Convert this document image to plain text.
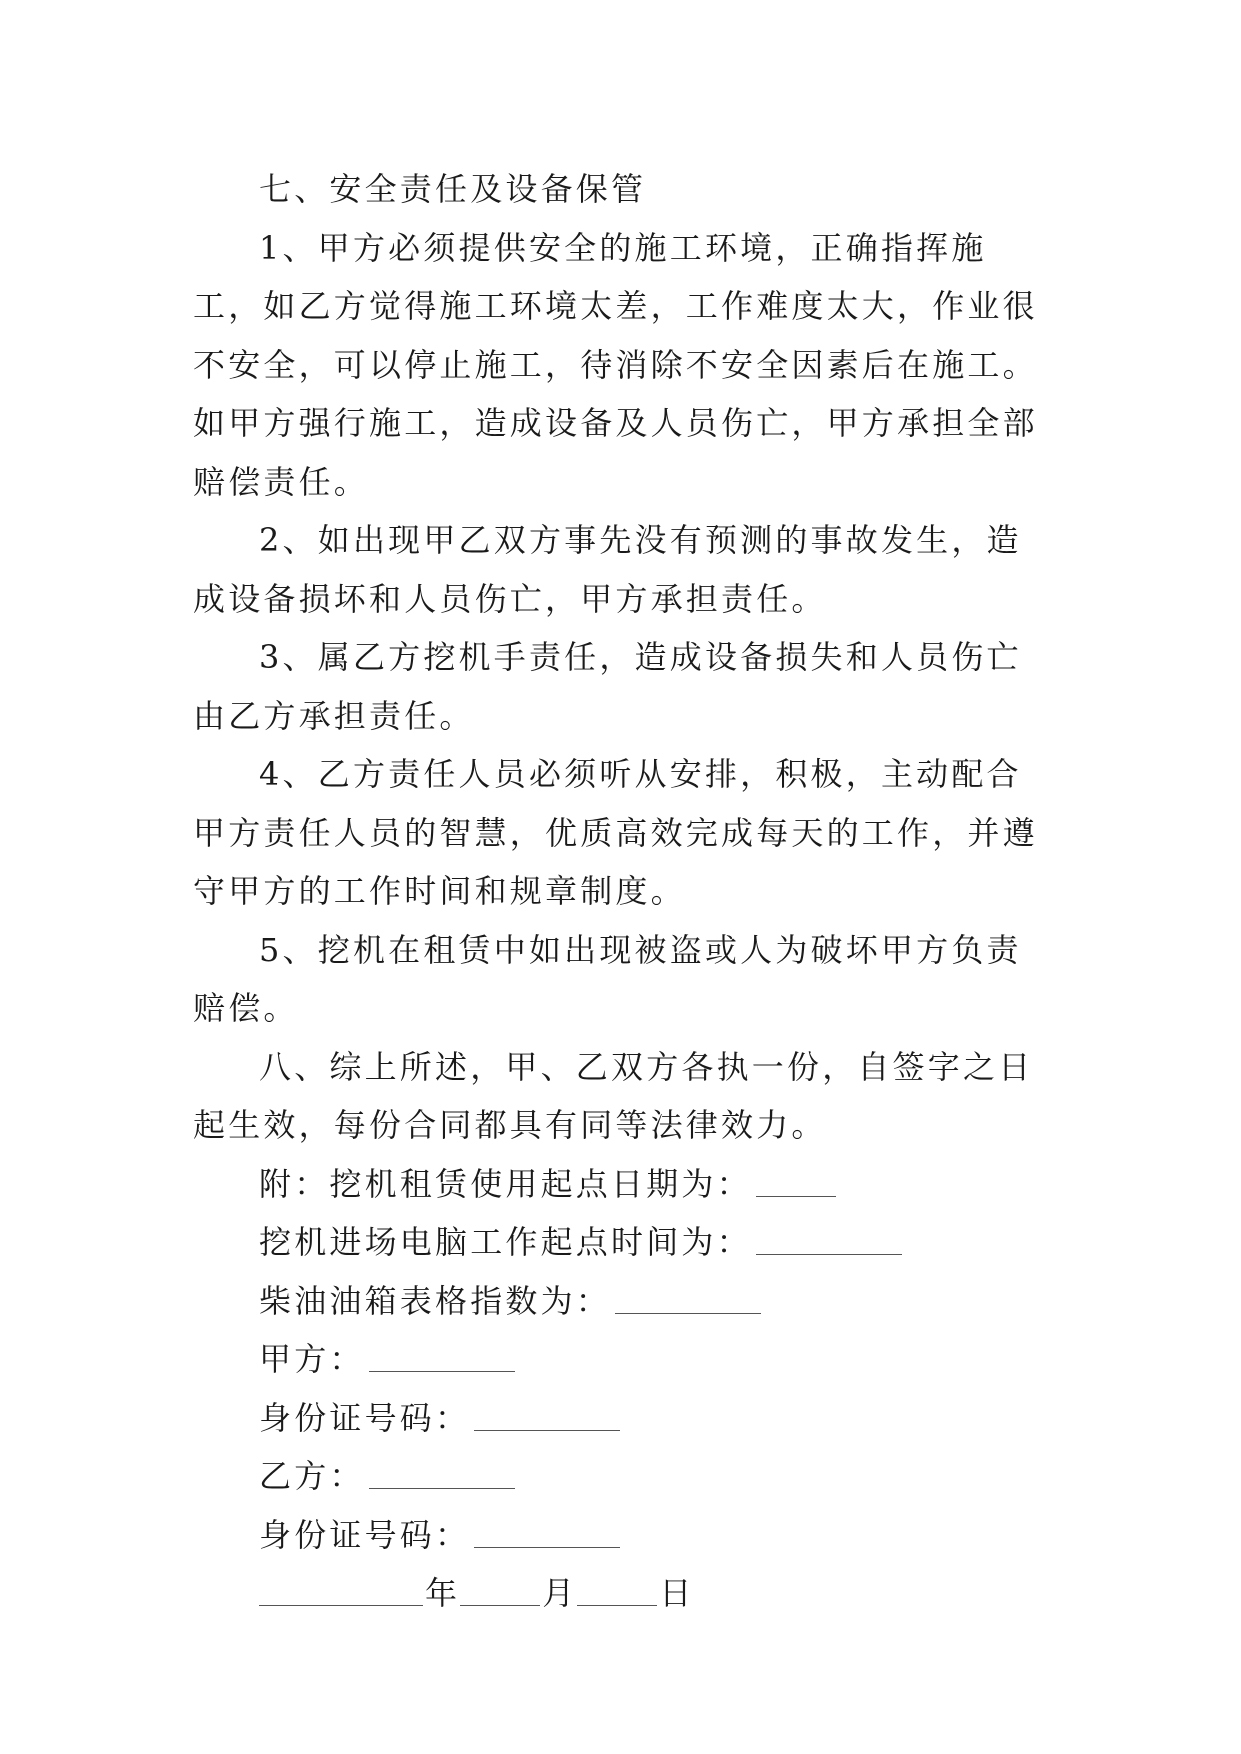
七、安全责任及设备保管

1、甲方必须提供安全的施工环境，正确指挥施工，如乙方觉得施工环境太差，工作难度太大，作业很不安全，可以停止施工，待消除不安全因素后在施工。如甲方强行施工，造成设备及人员伤亡，甲方承担全部赔偿责任。

2、如出现甲乙双方事先没有预测的事故发生，造成设备损坏和人员伤亡，甲方承担责任。

3、属乙方挖机手责任，造成设备损失和人员伤亡由乙方承担责任。

4、乙方责任人员必须听从安排，积极，主动配合甲方责任人员的智慧，优质高效完成每天的工作，并遵守甲方的工作时间和规章制度。

5、挖机在租赁中如出现被盗或人为破坏甲方负责赔偿。

八、综上所述，甲、乙双方各执一份，自签字之日起生效，每份合同都具有同等法律效力。

附：挖机租赁使用起点日期为：

挖机进场电脑工作起点时间为：

柴油油箱表格指数为：

甲方：

身份证号码：

乙方：

身份证号码：

年	月	日
